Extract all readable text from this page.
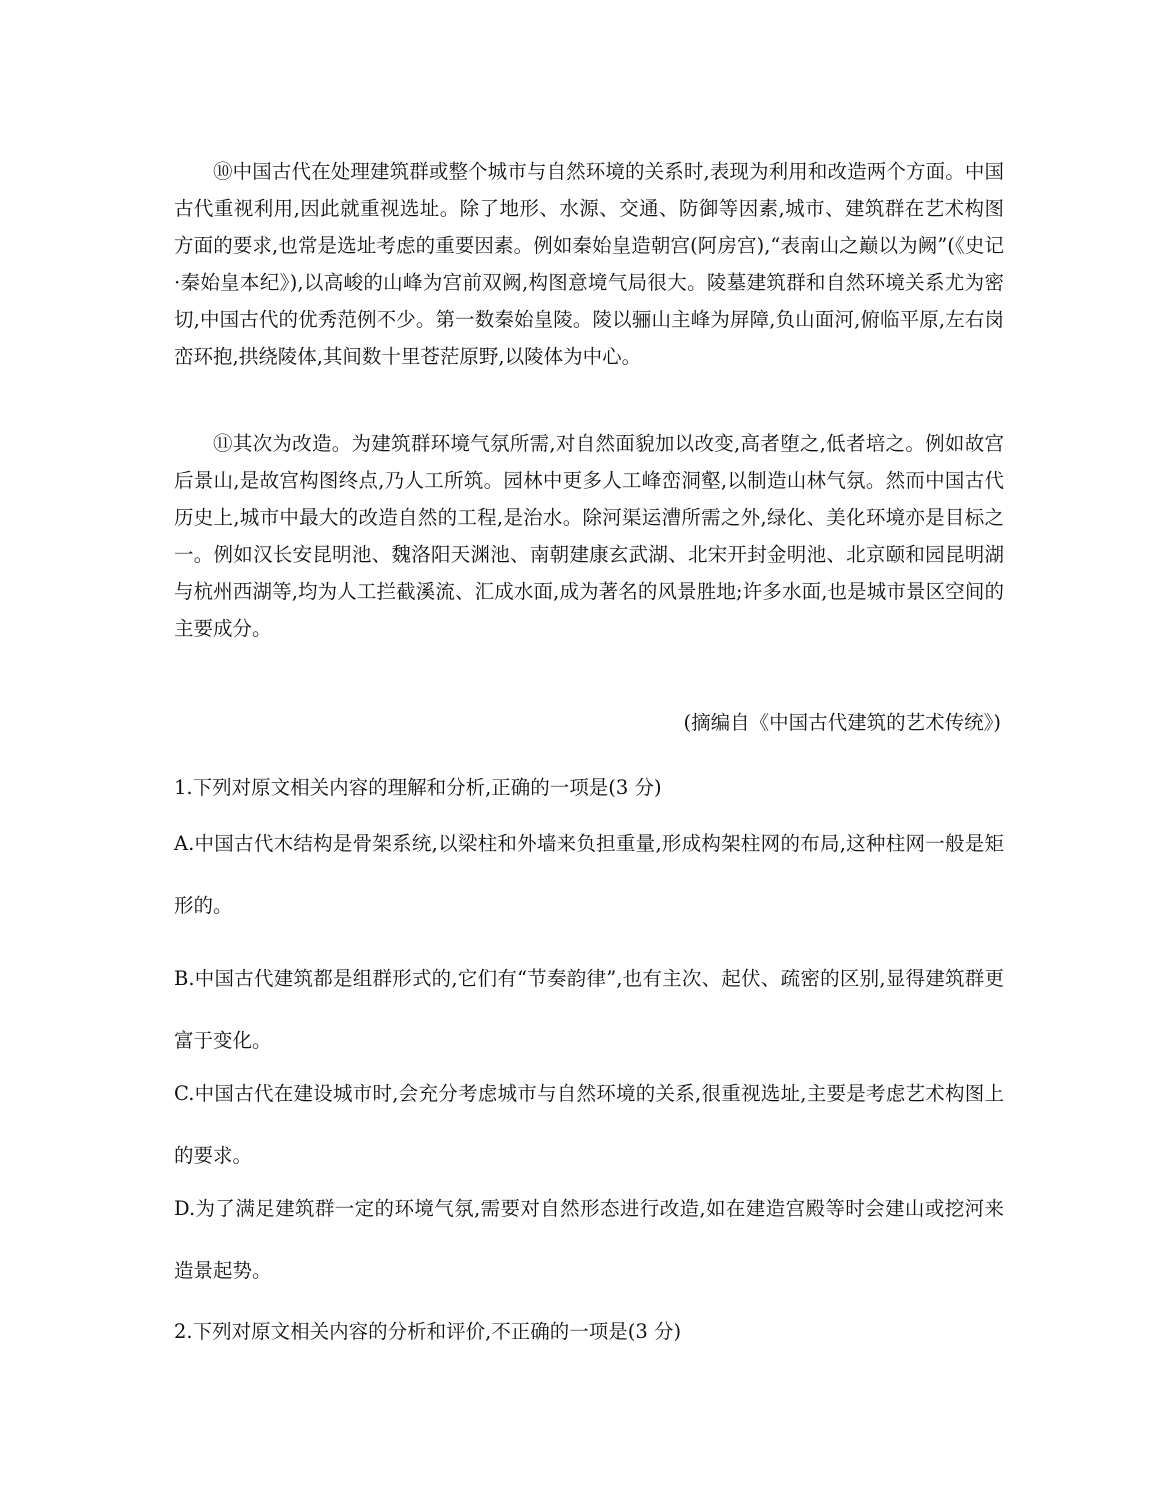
⑩中国古代在处理建筑群或整个城市与自然环境的关系时,表现为利用和改造两个方面。中国古代重视利用,因此就重视选址。除了地形、水源、交通、防御等因素,城市、建筑群在艺术构图方面的要求,也常是选址考虑的重要因素。例如秦始皇造朝宫(阿房宫),“表南山之巅以为阙”(《史记·秦始皇本纪》),以高峻的山峰为宫前双阙,构图意境气局很大。陵墓建筑群和自然环境关系尤为密切,中国古代的优秀范例不少。第一数秦始皇陵。陵以骊山主峰为屏障,负山面河,俯临平原,左右岗峦环抱,拱绕陵体,其间数十里苍茫原野,以陵体为中心。

⑪其次为改造。为建筑群环境气氛所需,对自然面貌加以改变,高者堕之,低者培之。例如故宫后景山,是故宫构图终点,乃人工所筑。园林中更多人工峰峦洞壑,以制造山林气氛。然而中国古代历史上,城市中最大的改造自然的工程,是治水。除河渠运漕所需之外,绿化、美化环境亦是目标之一。例如汉长安昆明池、魏洛阳天渊池、南朝建康玄武湖、北宋开封金明池、北京颐和园昆明湖与杭州西湖等,均为人工拦截溪流、汇成水面,成为著名的风景胜地;许多水面,也是城市景区空间的主要成分。

(摘编自《中国古代建筑的艺术传统》)

1.下列对原文相关内容的理解和分析,正确的一项是(3 分)

A.中国古代木结构是骨架系统,以梁柱和外墙来负担重量,形成构架柱网的布局,这种柱网一般是矩形的。

B.中国古代建筑都是组群形式的,它们有“节奏韵律”,也有主次、起伏、疏密的区别,显得建筑群更富于变化。

C.中国古代在建设城市时,会充分考虑城市与自然环境的关系,很重视选址,主要是考虑艺术构图上的要求。

D.为了满足建筑群一定的环境气氛,需要对自然形态进行改造,如在建造宫殿等时会建山或挖河来造景起势。

2.下列对原文相关内容的分析和评价,不正确的一项是(3 分)
